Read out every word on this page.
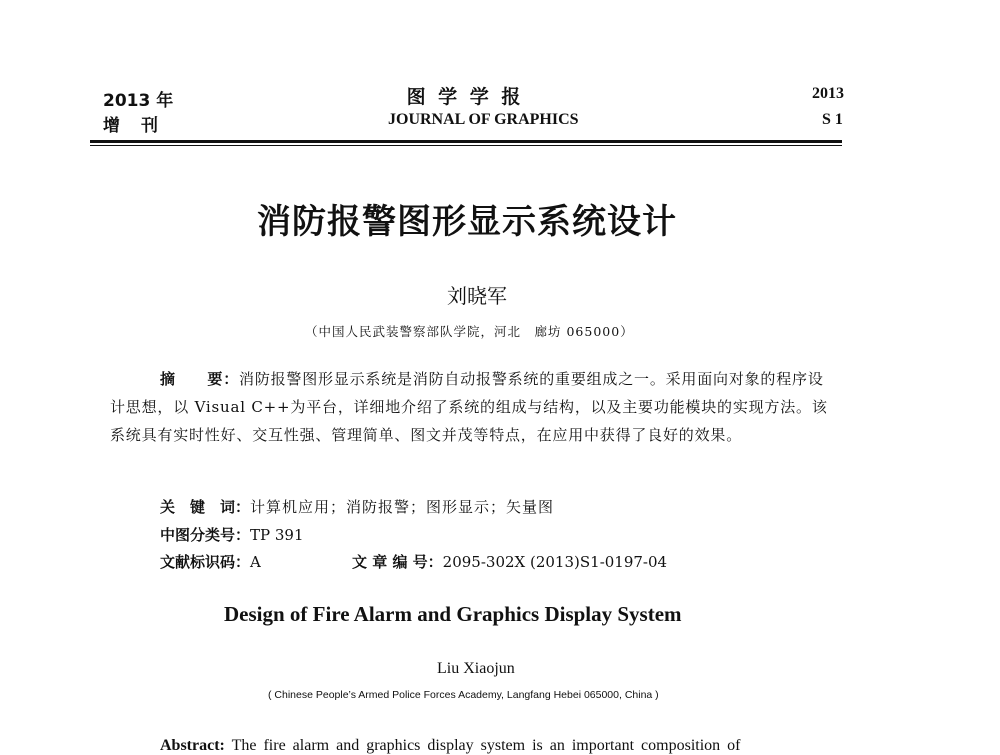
2013 年
增　刊
图 学 学 报
JOURNAL OF GRAPHICS
2013
S 1
消防报警图形显示系统设计
刘晓军
（中国人民武装警察部队学院，河北　廊坊 065000）
摘　　要：消防报警图形显示系统是消防自动报警系统的重要组成之一。采用面向对象的程序设计思想，以 Visual C++为平台，详细地介绍了系统的组成与结构，以及主要功能模块的实现方法。该系统具有实时性好、交互性强、管理简单、图文并茂等特点，在应用中获得了良好的效果。
关　键　词：计算机应用；消防报警；图形显示；矢量图
中图分类号：TP 391
文献标识码：A	文 章 编 号：2095-302X (2013)S1-0197-04
Design of Fire Alarm and Graphics Display System
Liu Xiaojun
( Chinese People’s Armed Police Forces Academy, Langfang Hebei 065000, China )
Abstract: The fire alarm and graphics display system is an important composition of
